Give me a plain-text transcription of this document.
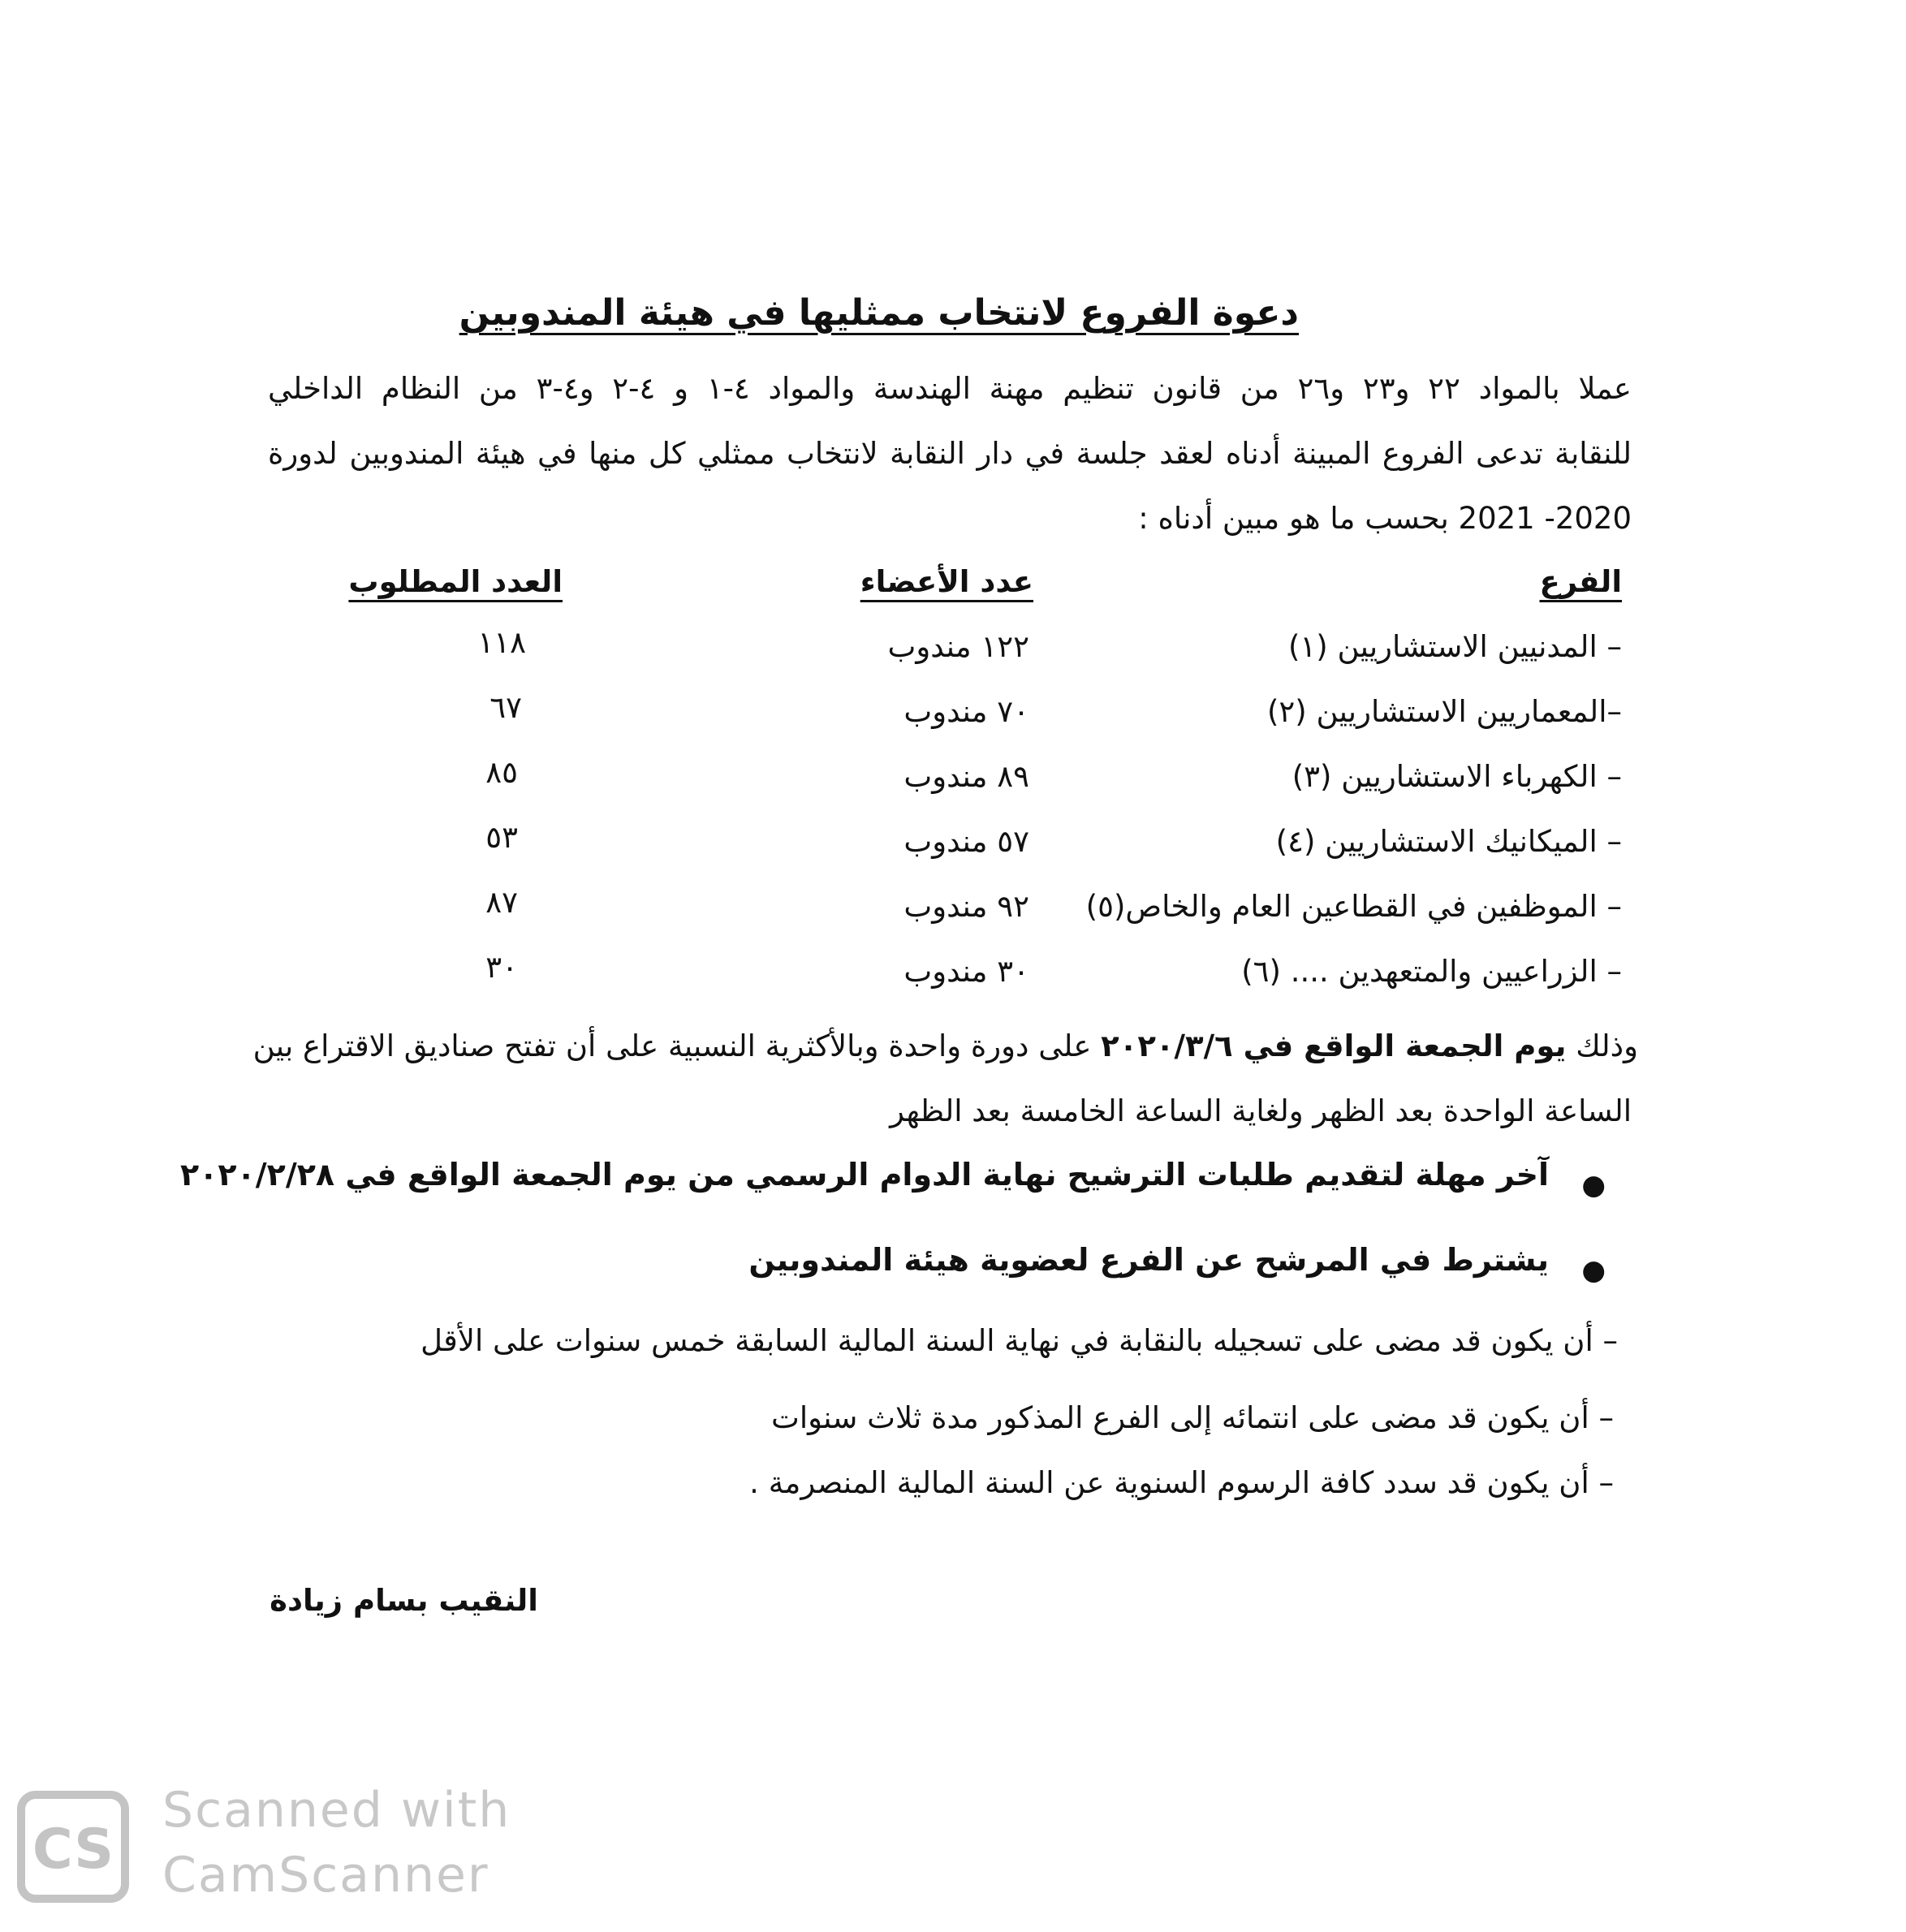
دعوة الفروع لانتخاب ممثليها في هيئة المندوبين
عملا بالمواد ٢٢ و٢٣ و٢٦ من قانون تنظيم مهنة الهندسة والمواد ٤-١ و ٤-٢ و٤-٣ من النظام الداخلي
للنقابة تدعى الفروع المبينة أدناه لعقد جلسة في دار النقابة لانتخاب ممثلي كل منها في هيئة المندوبين لدورة
2020- 2021 بحسب ما هو مبين أدناه :
الفرع
عدد الأعضاء
العدد المطلوب
– المدنيين الاستشاريين (١)
١٢٢ مندوب
١١٨
–المعماريين الاستشاريين (٢)
٧٠ مندوب
٦٧
– الكهرباء الاستشاريين (٣)
٨٩ مندوب
٨٥
– الميكانيك الاستشاريين (٤)
٥٧ مندوب
٥٣
– الموظفين في القطاعين العام والخاص(٥)
٩٢ مندوب
٨٧
– الزراعيين والمتعهدين .... (٦)
٣٠ مندوب
٣٠
وذلك يوم الجمعة الواقع في ٢٠٢٠/٣/٦ على دورة واحدة وبالأكثرية النسبية على أن تفتح صناديق الاقتراع بين
الساعة الواحدة بعد الظهر ولغاية الساعة الخامسة بعد الظهر
●
آخر مهلة لتقديم طلبات الترشيح نهاية الدوام الرسمي من يوم الجمعة الواقع في ٢٠٢٠/٢/٢٨
●
يشترط في المرشح عن الفرع لعضوية هيئة المندوبين
– أن يكون قد مضى على تسجيله بالنقابة في نهاية السنة المالية السابقة خمس سنوات على الأقل
– أن يكون قد مضى على انتمائه إلى الفرع المذكور مدة ثلاث سنوات
– أن يكون قد سدد كافة الرسوم السنوية عن السنة المالية المنصرمة .
النقيب بسام زيادة
CS
Scanned with
CamScanner
